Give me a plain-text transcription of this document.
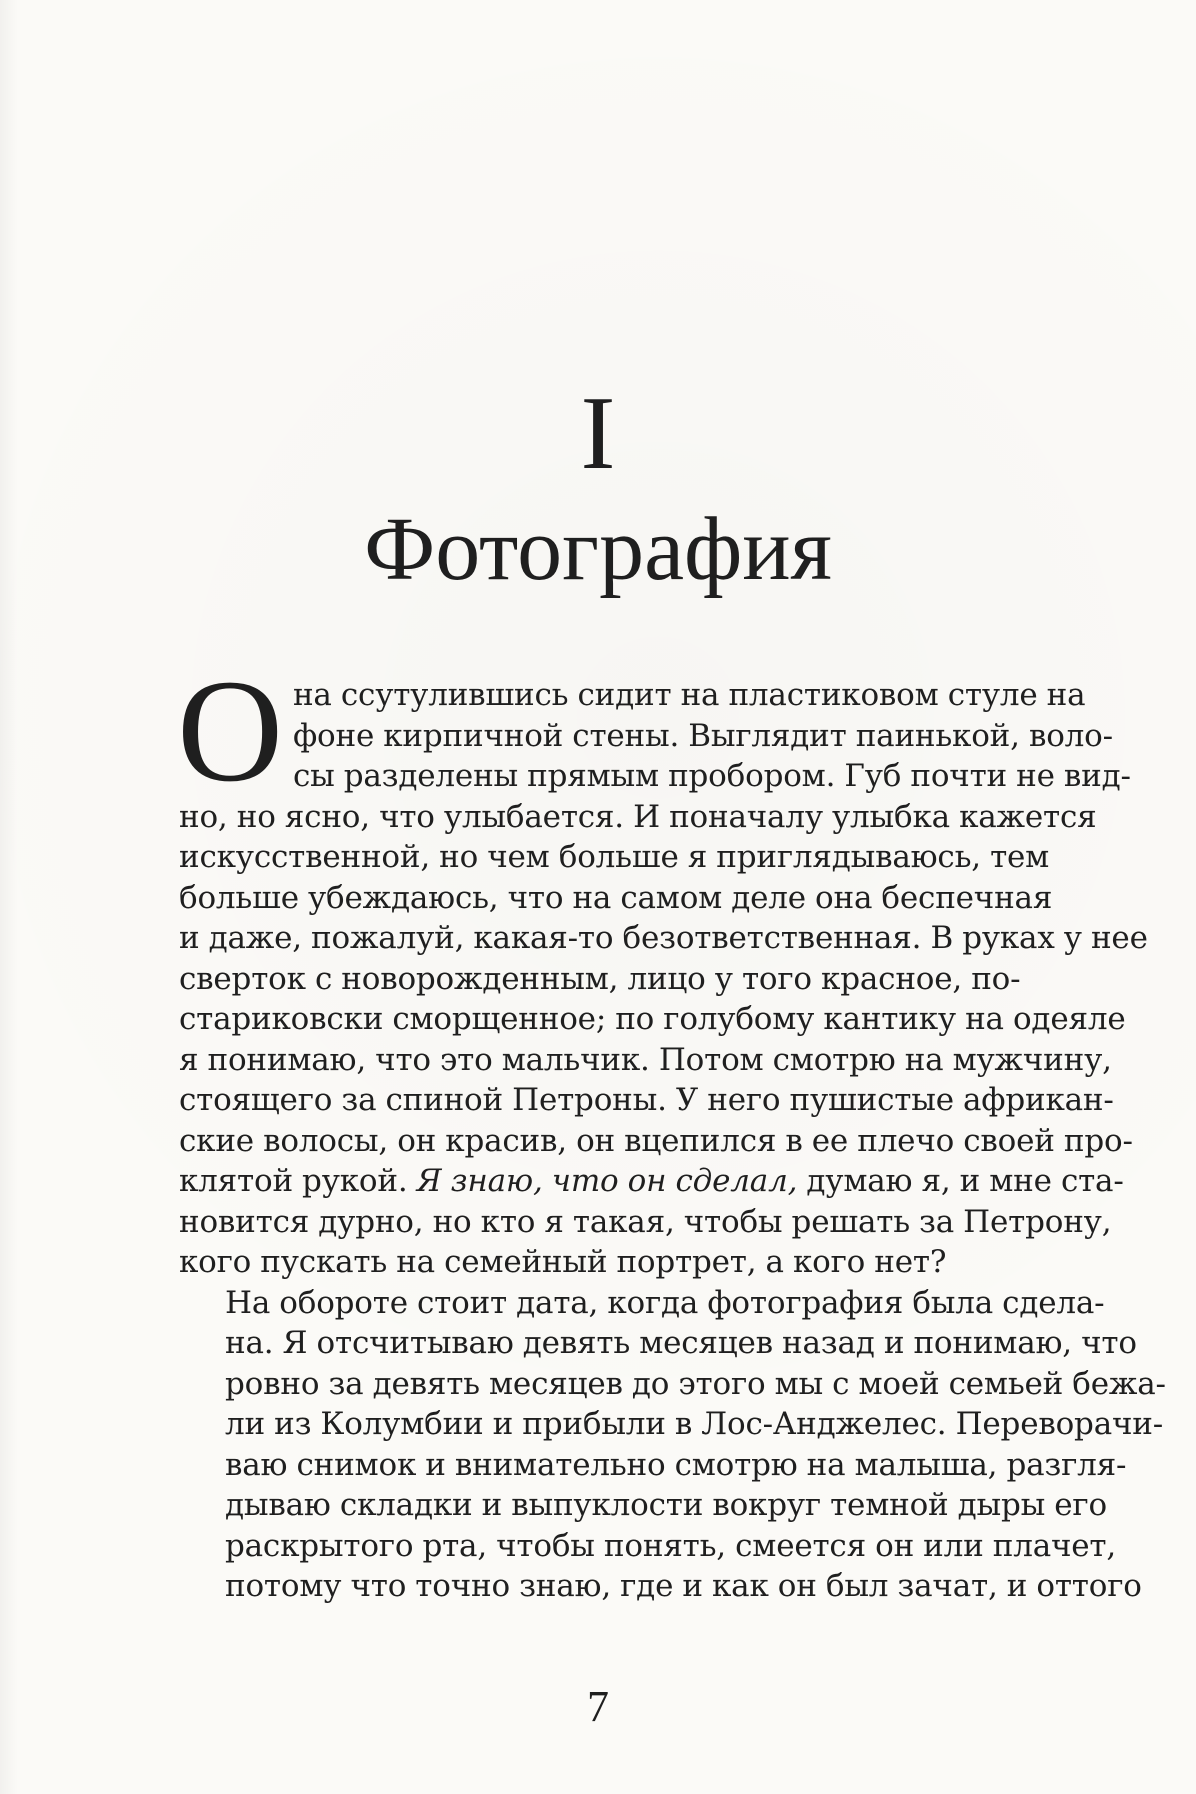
I
Фотография

О на ссутулившись сидит на пластиковом стуле на
фоне кирпичной стены. Выглядит паинькой, воло-
сы разделены прямым пробором. Губ почти не вид-
но, но ясно, что улыбается. И поначалу улыбка кажется
искусственной, но чем больше я приглядываюсь, тем
больше убеждаюсь, что на самом деле она беспечная
и даже, пожалуй, какая-то безответственная. В руках у нее
сверток с новорожденным, лицо у того красное, по-
стариковски сморщенное; по голубому кантику на одеяле
я понимаю, что это мальчик. Потом смотрю на мужчину,
стоящего за спиной Петроны. У него пушистые африкан-
ские волосы, он красив, он вцепился в ее плечо своей про-
клятой рукой. Я знаю, что он сделал, думаю я, и мне ста-
новится дурно, но кто я такая, чтобы решать за Петрону,
кого пускать на семейный портрет, а кого нет?

На обороте стоит дата, когда фотография была сдела-
на. Я отсчитываю девять месяцев назад и понимаю, что
ровно за девять месяцев до этого мы с моей семьей бежа-
ли из Колумбии и прибыли в Лос-Анджелес. Переворачи-
ваю снимок и внимательно смотрю на малыша, разгля-
дываю складки и выпуклости вокруг темной дыры его
раскрытого рта, чтобы понять, смеется он или плачет,
потому что точно знаю, где и как он был зачат, и оттого

7
